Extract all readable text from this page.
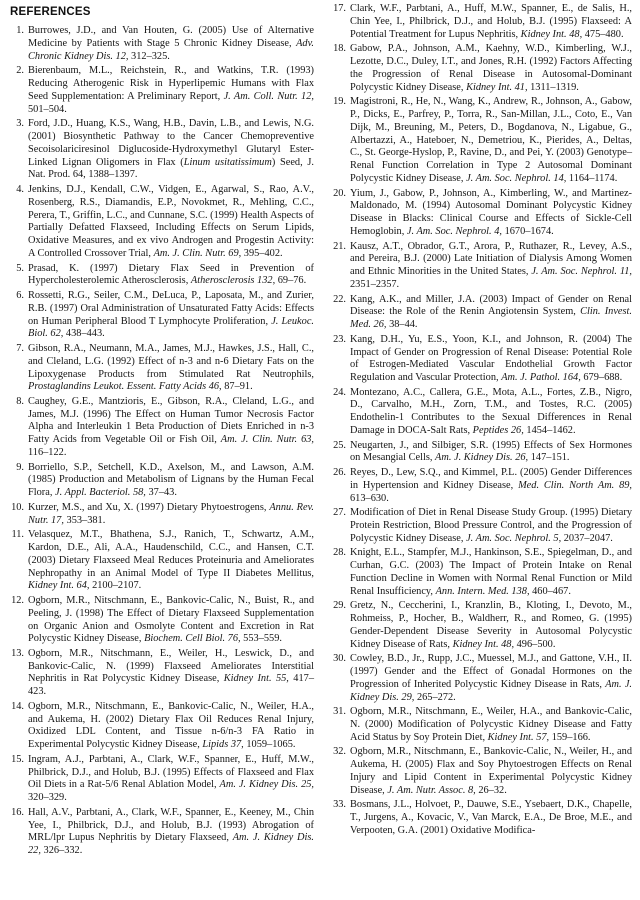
REFERENCES
1. Burrowes, J.D., and Van Houten, G. (2005) Use of Alternative Medicine by Patients with Stage 5 Chronic Kidney Disease, Adv. Chronic Kidney Dis. 12, 312–325.
2. Bierenbaum, M.L., Reichstein, R., and Watkins, T.R. (1993) Reducing Atherogenic Risk in Hyperlipemic Humans with Flax Seed Supplementation: A Preliminary Report, J. Am. Coll. Nutr. 12, 501–504.
3. Ford, J.D., Huang, K.S., Wang, H.B., Davin, L.B., and Lewis, N.G. (2001) Biosynthetic Pathway to the Cancer Chemopreventive Secoisolariciresinol Diglucoside-Hydroxymethyl Glutaryl Ester-Linked Lignan Oligomers in Flax (Linum usitatissimum) Seed, J. Nat. Prod. 64, 1388–1397.
4. Jenkins, D.J., Kendall, C.W., Vidgen, E., Agarwal, S., Rao, A.V., Rosenberg, R.S., Diamandis, E.P., Novokmet, R., Mehling, C.C., Perera, T., Griffin, L.C., and Cunnane, S.C. (1999) Health Aspects of Partially Defatted Flaxseed, Including Effects on Serum Lipids, Oxidative Measures, and ex vivo Androgen and Progestin Activity: A Controlled Crossover Trial, Am. J. Clin. Nutr. 69, 395–402.
5. Prasad, K. (1997) Dietary Flax Seed in Prevention of Hypercholesterolemic Atherosclerosis, Atherosclerosis 132, 69–76.
6. Rossetti, R.G., Seiler, C.M., DeLuca, P., Laposata, M., and Zurier, R.B. (1997) Oral Administration of Unsaturated Fatty Acids: Effects on Human Peripheral Blood T Lymphocyte Proliferation, J. Leukoc. Biol. 62, 438–443.
7. Gibson, R.A., Neumann, M.A., James, M.J., Hawkes, J.S., Hall, C., and Cleland, L.G. (1992) Effect of n-3 and n-6 Dietary Fats on the Lipoxygenase Products from Stimulated Rat Neutrophils, Prostaglandins Leukot. Essent. Fatty Acids 46, 87–91.
8. Caughey, G.E., Mantzioris, E., Gibson, R.A., Cleland, L.G., and James, M.J. (1996) The Effect on Human Tumor Necrosis Factor Alpha and Interleukin 1 Beta Production of Diets Enriched in n-3 Fatty Acids from Vegetable Oil or Fish Oil, Am. J. Clin. Nutr. 63, 116–122.
9. Borriello, S.P., Setchell, K.D., Axelson, M., and Lawson, A.M. (1985) Production and Metabolism of Lignans by the Human Fecal Flora, J. Appl. Bacteriol. 58, 37–43.
10. Kurzer, M.S., and Xu, X. (1997) Dietary Phytoestrogens, Annu. Rev. Nutr. 17, 353–381.
11. Velasquez, M.T., Bhathena, S.J., Ranich, T., Schwartz, A.M., Kardon, D.E., Ali, A.A., Haudenschild, C.C., and Hansen, C.T. (2003) Dietary Flaxseed Meal Reduces Proteinuria and Ameliorates Nephropathy in an Animal Model of Type II Diabetes Mellitus, Kidney Int. 64, 2100–2107.
12. Ogborn, M.R., Nitschmann, E., Bankovic-Calic, N., Buist, R., and Peeling, J. (1998) The Effect of Dietary Flaxseed Supplementation on Organic Anion and Osmolyte Content and Excretion in Rat Polycystic Kidney Disease, Biochem. Cell Biol. 76, 553–559.
13. Ogborn, M.R., Nitschmann, E., Weiler, H., Leswick, D., and Bankovic-Calic, N. (1999) Flaxseed Ameliorates Interstitial Nephritis in Rat Polycystic Kidney Disease, Kidney Int. 55, 417–423.
14. Ogborn, M.R., Nitschmann, E., Bankovic-Calic, N., Weiler, H.A., and Aukema, H. (2002) Dietary Flax Oil Reduces Renal Injury, Oxidized LDL Content, and Tissue n-6/n-3 FA Ratio in Experimental Polycystic Kidney Disease, Lipids 37, 1059–1065.
15. Ingram, A.J., Parbtani, A., Clark, W.F., Spanner, E., Huff, M.W., Philbrick, D.J., and Holub, B.J. (1995) Effects of Flaxseed and Flax Oil Diets in a Rat-5/6 Renal Ablation Model, Am. J. Kidney Dis. 25, 320–329.
16. Hall, A.V., Parbtani, A., Clark, W.F., Spanner, E., Keeney, M., Chin Yee, I., Philbrick, D.J., and Holub, B.J. (1993) Abrogation of MRL/lpr Lupus Nephritis by Dietary Flaxseed, Am. J. Kidney Dis. 22, 326–332.
17. Clark, W.F., Parbtani, A., Huff, M.W., Spanner, E., de Salis, H., Chin Yee, I., Philbrick, D.J., and Holub, B.J. (1995) Flaxseed: A Potential Treatment for Lupus Nephritis, Kidney Int. 48, 475–480.
18. Gabow, P.A., Johnson, A.M., Kaehny, W.D., Kimberling, W.J., Lezotte, D.C., Duley, I.T., and Jones, R.H. (1992) Factors Affecting the Progression of Renal Disease in Autosomal-Dominant Polycystic Kidney Disease, Kidney Int. 41, 1311–1319.
19. Magistroni, R., He, N., Wang, K., Andrew, R., Johnson, A., Gabow, P., Dicks, E., Parfrey, P., Torra, R., San-Millan, J.L., Coto, E., Van Dijk, M., Breuning, M., Peters, D., Bogdanova, N., Ligabue, G., Albertazzi, A., Hateboer, N., Demetriou, K., Pierides, A., Deltas, C., St. George-Hyslop, P., Ravine, D., and Pei, Y. (2003) Genotype–Renal Function Correlation in Type 2 Autosomal Dominant Polycystic Kidney Disease, J. Am. Soc. Nephrol. 14, 1164–1174.
20. Yium, J., Gabow, P., Johnson, A., Kimberling, W., and Martinez-Maldonado, M. (1994) Autosomal Dominant Polycystic Kidney Disease in Blacks: Clinical Course and Effects of Sickle-Cell Hemoglobin, J. Am. Soc. Nephrol. 4, 1670–1674.
21. Kausz, A.T., Obrador, G.T., Arora, P., Ruthazer, R., Levey, A.S., and Pereira, B.J. (2000) Late Initiation of Dialysis Among Women and Ethnic Minorities in the United States, J. Am. Soc. Nephrol. 11, 2351–2357.
22. Kang, A.K., and Miller, J.A. (2003) Impact of Gender on Renal Disease: the Role of the Renin Angiotensin System, Clin. Invest. Med. 26, 38–44.
23. Kang, D.H., Yu, E.S., Yoon, K.I., and Johnson, R. (2004) The Impact of Gender on Progression of Renal Disease: Potential Role of Estrogen-Mediated Vascular Endothelial Growth Factor Regulation and Vascular Protection, Am. J. Pathol. 164, 679–688.
24. Montezano, A.C., Callera, G.E., Mota, A.L., Fortes, Z.B., Nigro, D., Carvalho, M.H., Zorn, T.M., and Tostes, R.C. (2005) Endothelin-1 Contributes to the Sexual Differences in Renal Damage in DOCA-Salt Rats, Peptides 26, 1454–1462.
25. Neugarten, J., and Silbiger, S.R. (1995) Effects of Sex Hormones on Mesangial Cells, Am. J. Kidney Dis. 26, 147–151.
26. Reyes, D., Lew, S.Q., and Kimmel, P.L. (2005) Gender Differences in Hypertension and Kidney Disease, Med. Clin. North Am. 89, 613–630.
27. Modification of Diet in Renal Disease Study Group. (1995) Dietary Protein Restriction, Blood Pressure Control, and the Progression of Polycystic Kidney Disease, J. Am. Soc. Nephrol. 5, 2037–2047.
28. Knight, E.L., Stampfer, M.J., Hankinson, S.E., Spiegelman, D., and Curhan, G.C. (2003) The Impact of Protein Intake on Renal Function Decline in Women with Normal Renal Function or Mild Renal Insufficiency, Ann. Intern. Med. 138, 460–467.
29. Gretz, N., Ceccherini, I., Kranzlin, B., Kloting, I., Devoto, M., Rohmeiss, P., Hocher, B., Waldherr, R., and Romeo, G. (1995) Gender-Dependent Disease Severity in Autosomal Polycystic Kidney Disease of Rats, Kidney Int. 48, 496–500.
30. Cowley, B.D., Jr., Rupp, J.C., Muessel, M.J., and Gattone, V.H., II. (1997) Gender and the Effect of Gonadal Hormones on the Progression of Inherited Polycystic Kidney Disease in Rats, Am. J. Kidney Dis. 29, 265–272.
31. Ogborn, M.R., Nitschmann, E., Weiler, H.A., and Bankovic-Calic, N. (2000) Modification of Polycystic Kidney Disease and Fatty Acid Status by Soy Protein Diet, Kidney Int. 57, 159–166.
32. Ogborn, M.R., Nitschmann, E., Bankovic-Calic, N., Weiler, H., and Aukema, H. (2005) Flax and Soy Phytoestrogen Effects on Renal Injury and Lipid Content in Experimental Polycystic Kidney Disease, J. Am. Nutr. Assoc. 8, 26–32.
33. Bosmans, J.L., Holvoet, P., Dauwe, S.E., Ysebaert, D.K., Chapelle, T., Jurgens, A., Kovacic, V., Van Marck, E.A., De Broe, M.E., and Verpooten, G.A. (2001) Oxidative Modifica-
